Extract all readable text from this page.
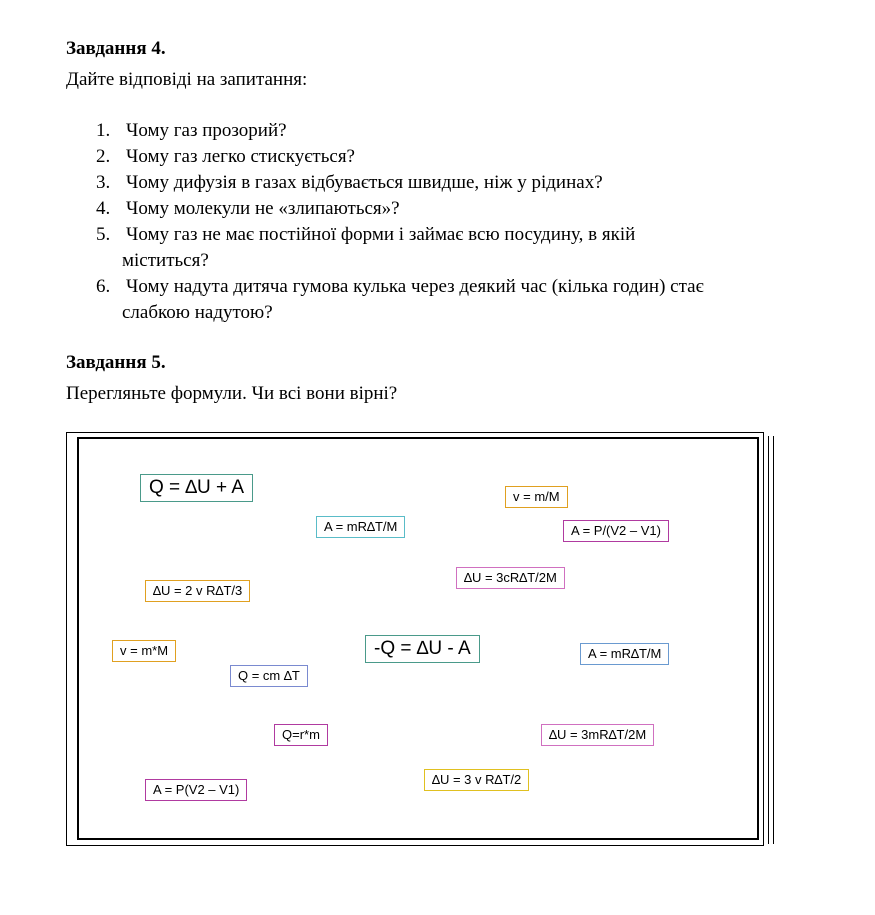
Завдання 4.
Дайте відповіді на запитання:
1. Чому газ прозорий?
2. Чому газ легко стискується?
3. Чому дифузія в газах відбувається швидше, ніж у рідинах?
4. Чому молекули не «злипаються»?
5. Чому газ не має постійної форми і займає всю посудину, в якій
міститься?
6. Чому надута дитяча гумова кулька через деякий час (кілька годин) стає
слабкою надутою?
Завдання 5.
Перегляньте формули. Чи всі вони вірні?
Q = ∆U + A	v = m/M
A = mR∆T/M	A = P/(V2 – V1)
∆U = 3cR∆T/2M
∆U = 2 v R∆T/3
v = m*M	-Q = ∆U - A	A = mR∆T/M
Q = cm ∆T
Q=r*m	∆U = 3mR∆T/2M
∆U = 3 v R∆T/2
A = P(V2 – V1)
